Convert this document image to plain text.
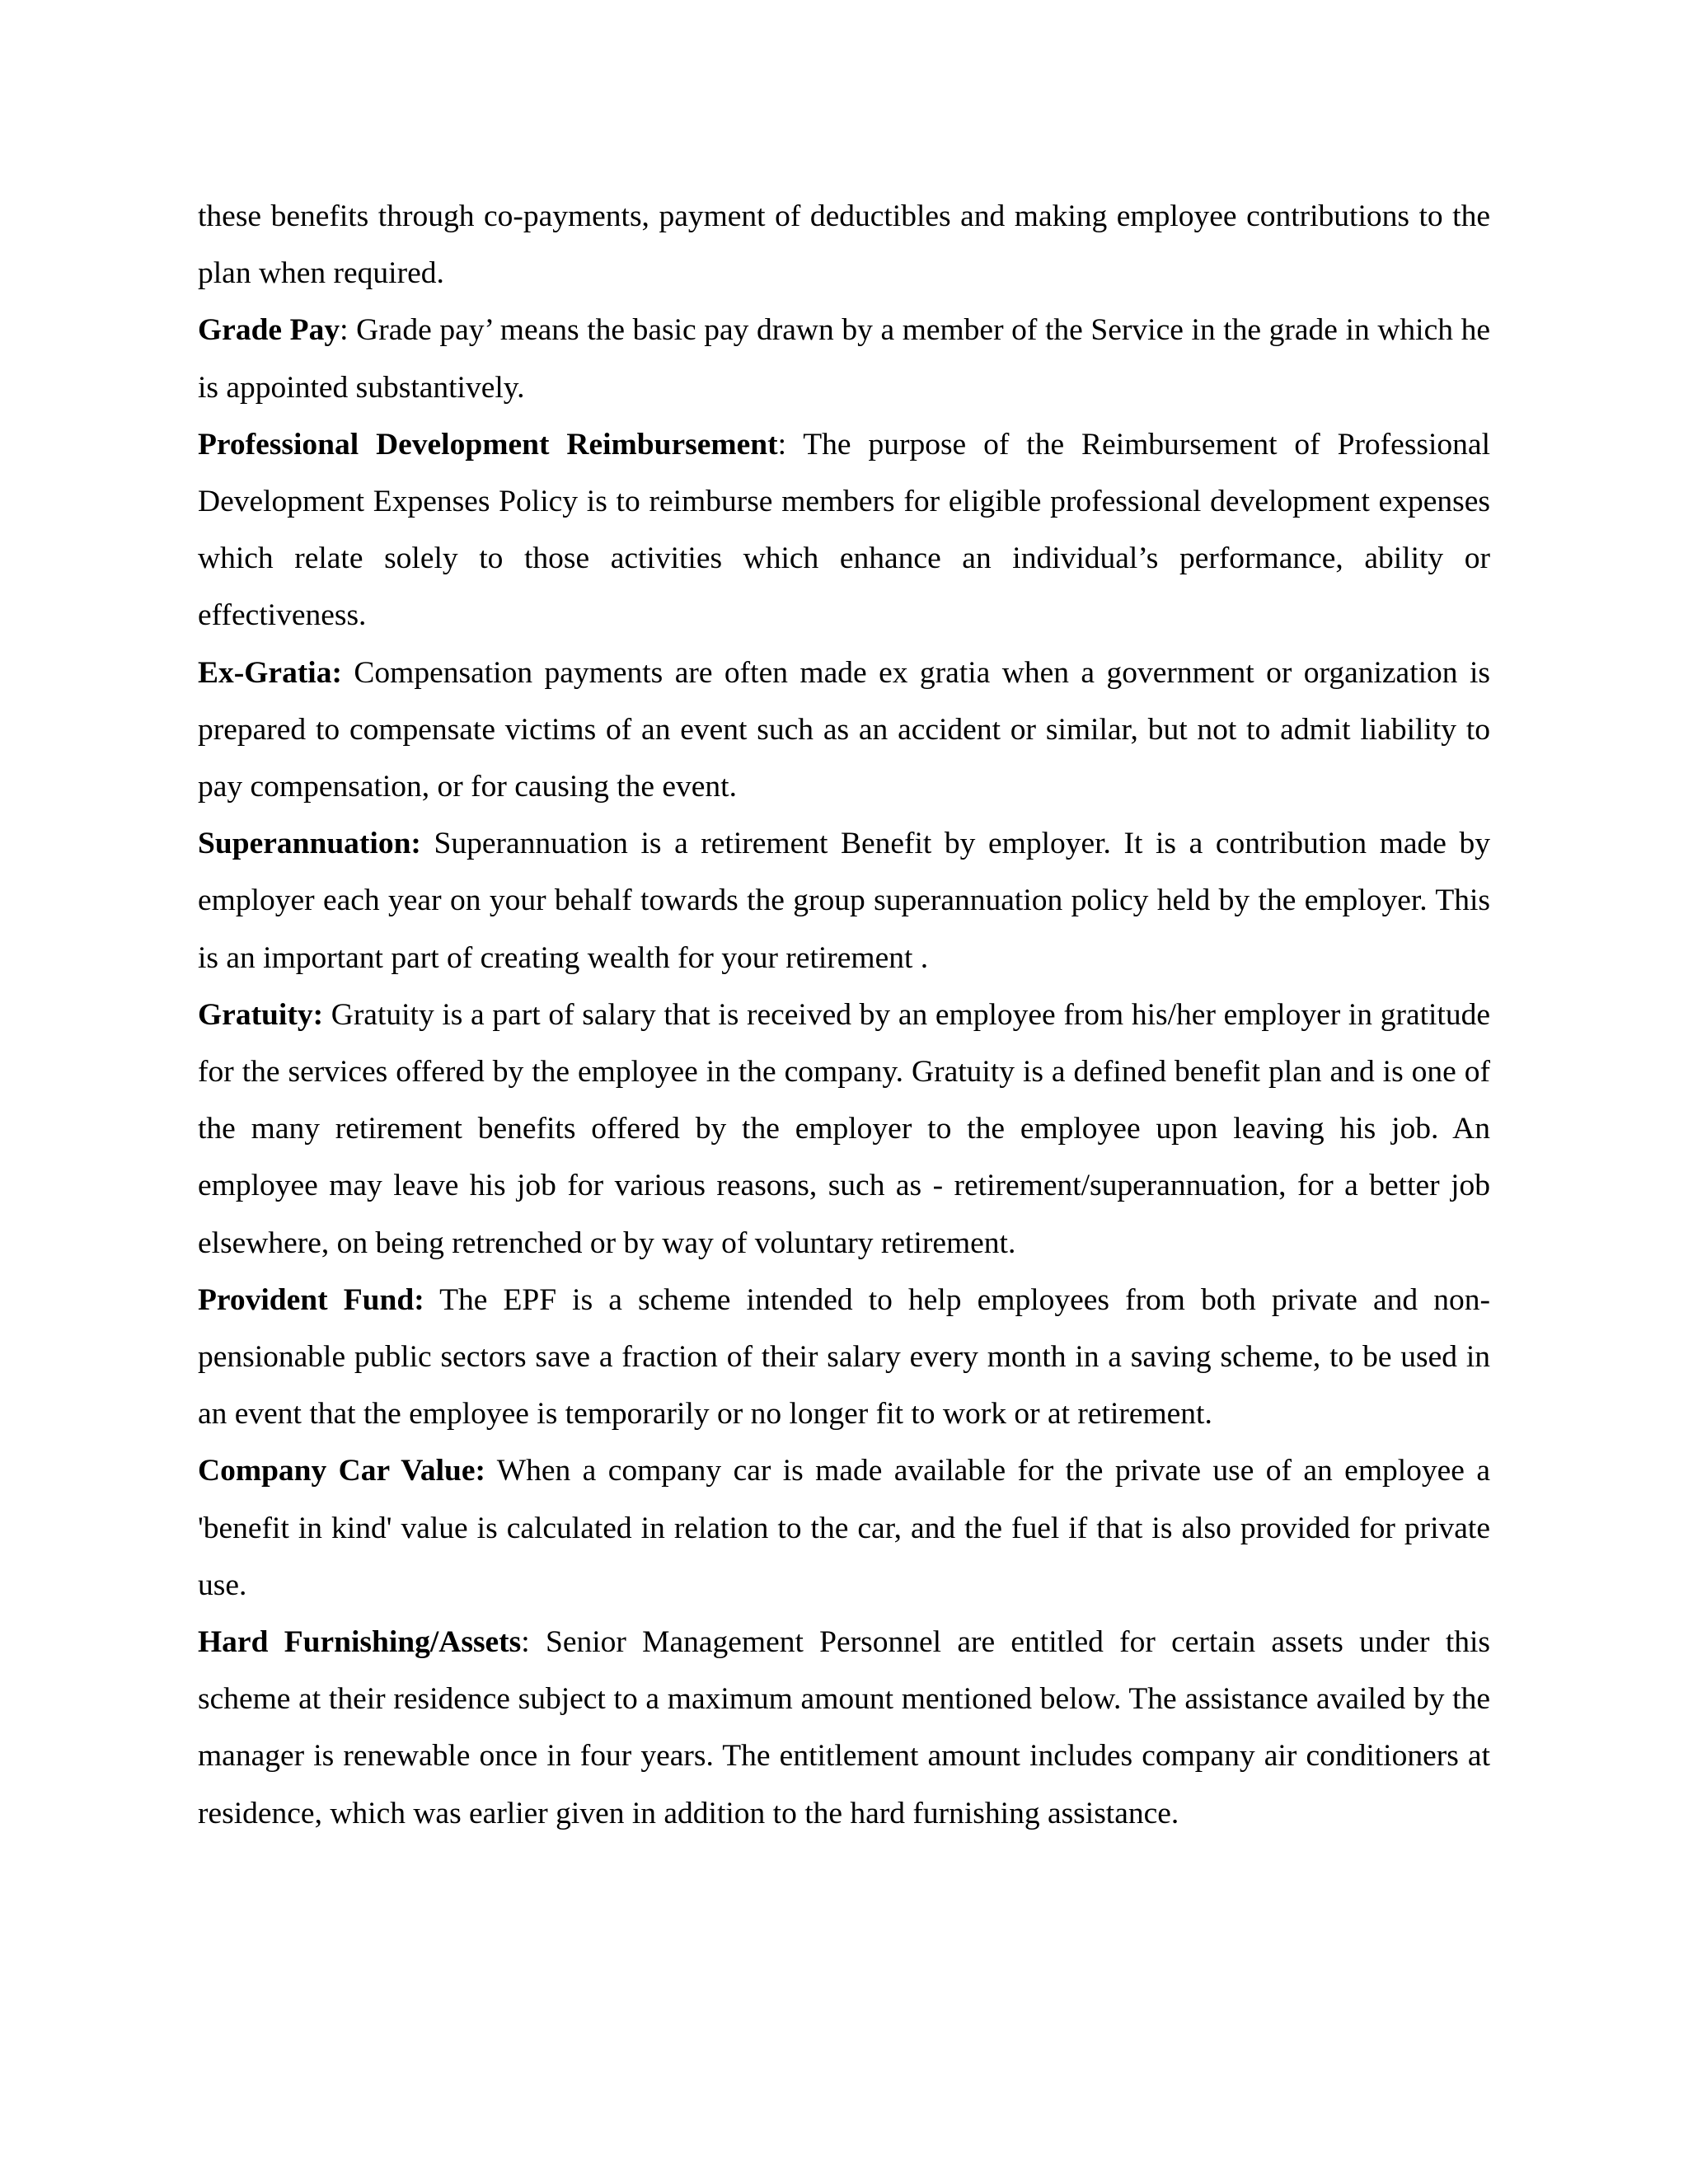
these benefits through co-payments, payment of deductibles and making employee contributions to the plan when required.

Grade Pay: Grade pay’ means the basic pay drawn by a member of the Service in the grade in which he is appointed substantively.

Professional Development Reimbursement: The purpose of the Reimbursement of Professional Development Expenses Policy is to reimburse members for eligible professional development expenses which relate solely to those activities which enhance an individual’s performance, ability or effectiveness.

Ex-Gratia: Compensation payments are often made ex gratia when a government or organization is prepared to compensate victims of an event such as an accident or similar, but not to admit liability to pay compensation, or for causing the event.

Superannuation: Superannuation is a retirement Benefit by employer. It is a contribution made by employer each year on your behalf towards the group superannuation policy held by the employer. This is an important part of creating wealth for your retirement .

Gratuity: Gratuity is a part of salary that is received by an employee from his/her employer in gratitude for the services offered by the employee in the company. Gratuity is a defined benefit plan and is one of the many retirement benefits offered by the employer to the employee upon leaving his job. An employee may leave his job for various reasons, such as - retirement/superannuation, for a better job elsewhere, on being retrenched or by way of voluntary retirement.

Provident Fund: The EPF is a scheme intended to help employees from both private and non-pensionable public sectors save a fraction of their salary every month in a saving scheme, to be used in an event that the employee is temporarily or no longer fit to work or at retirement.

Company Car Value: When a company car is made available for the private use of an employee a 'benefit in kind' value is calculated in relation to the car, and the fuel if that is also provided for private use.

Hard Furnishing/Assets: Senior Management Personnel are entitled for certain assets under this scheme at their residence subject to a maximum amount mentioned below. The assistance availed by the manager is renewable once in four years. The entitlement amount includes company air conditioners at residence, which was earlier given in addition to the hard furnishing assistance.
